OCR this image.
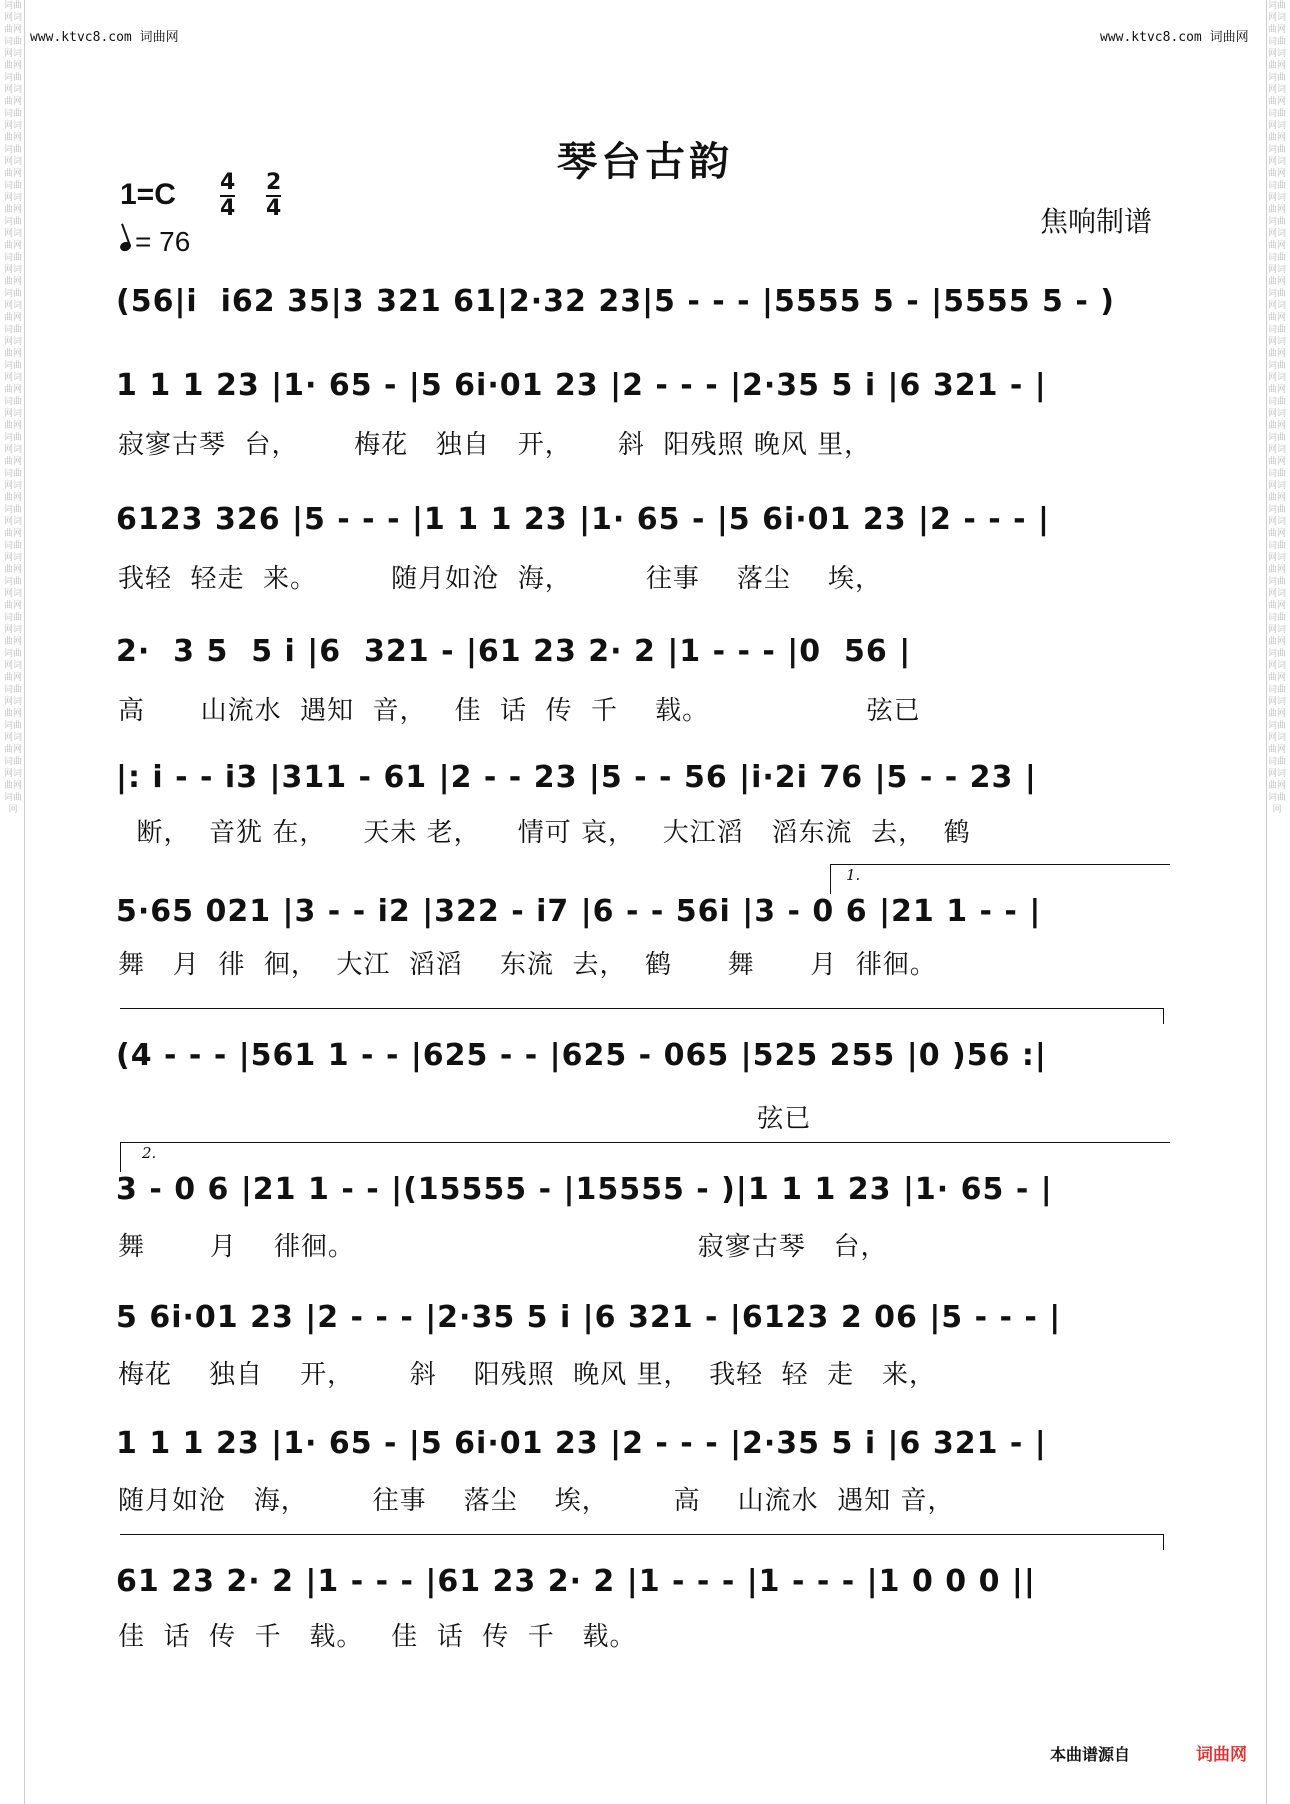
词曲网词曲网词曲网词曲网词曲网词曲网词曲网词曲网词曲网词曲网词曲网词曲网词曲网词曲网词曲网词曲网词曲网词曲网词曲网词曲网词曲网词曲网词曲网词曲网词曲网词曲网词曲网词曲网词曲网词曲网词曲网词曲网词曲网词曲网词曲网词曲网词曲网词曲网词曲网词曲网词曲网词曲网词曲网词曲网词曲网
词曲网词曲网词曲网词曲网词曲网词曲网词曲网词曲网词曲网词曲网词曲网词曲网词曲网词曲网词曲网词曲网词曲网词曲网词曲网词曲网词曲网词曲网词曲网词曲网词曲网词曲网词曲网词曲网词曲网词曲网词曲网词曲网词曲网词曲网词曲网词曲网词曲网词曲网词曲网词曲网词曲网词曲网词曲网词曲网词曲网
www.ktvc8.com 词曲网	www.ktvc8.com 词曲网
琴台古韵
1=C 4
4
2
4
= 76
焦响制谱
(56|i  i62 35|3 321 61|2·32 23|5 - - - |5555 5 - |5555 5 - )
1 1 1 23 |1· 65 - |5 6i·01 23 |2 - - - |2·35 5 i |6 321 - |
寂寥古琴  台，      梅花   独自   开，     斜  阳残照 晚风 里，
6123 326 |5 - - - |1 1 1 23 |1· 65 - |5 6i·01 23 |2 - - - |
我轻  轻走  来。        随月如沧  海，        往事    落尘    埃，
2·  3 5  5 i |6  321 - |61 23 2· 2 |1 - - - |0  56 |
高      山流水  遇知  音，   佳  话  传  千    载。                 弦已
|: i - - i3 |311 - 61 |2 - - 23 |5 - - 56 |i·2i 76 |5 - - 23 |
断，  音犹 在，    天未 老，    情可 哀，   大江滔   滔东流  去，  鹤
1.
5·65 021 |3 - - i2 |322 - i7 |6 - - 56i |3 - 0 6 |21 1 - - |
舞   月  徘  徊，  大江  滔滔    东流  去，  鹤      舞      月  徘徊。
(4 - - - |561 1 - - |625 - - |625 - 065 |525 255 |0 )56 :|
弦已
2.
3 - 0 6 |21 1 - - |(15555 - |15555 - )|1 1 1 23 |1· 65 - |
舞       月    徘徊。                                     寂寥古琴   台，
5 6i·01 23 |2 - - - |2·35 5 i |6 321 - |6123 2 06 |5 - - - |
梅花    独自    开，      斜    阳残照  晚风 里，  我轻  轻  走   来，
1 1 1 23 |1· 65 - |5 6i·01 23 |2 - - - |2·35 5 i |6 321 - |
随月如沧   海，       往事    落尘    埃，       高    山流水  遇知 音，
61 23 2· 2 |1 - - - |61 23 2· 2 |1 - - - |1 - - - |1 0 0 0 ||
佳  话  传  千   载。   佳  话  传  千   载。
本曲谱源自	词曲网
